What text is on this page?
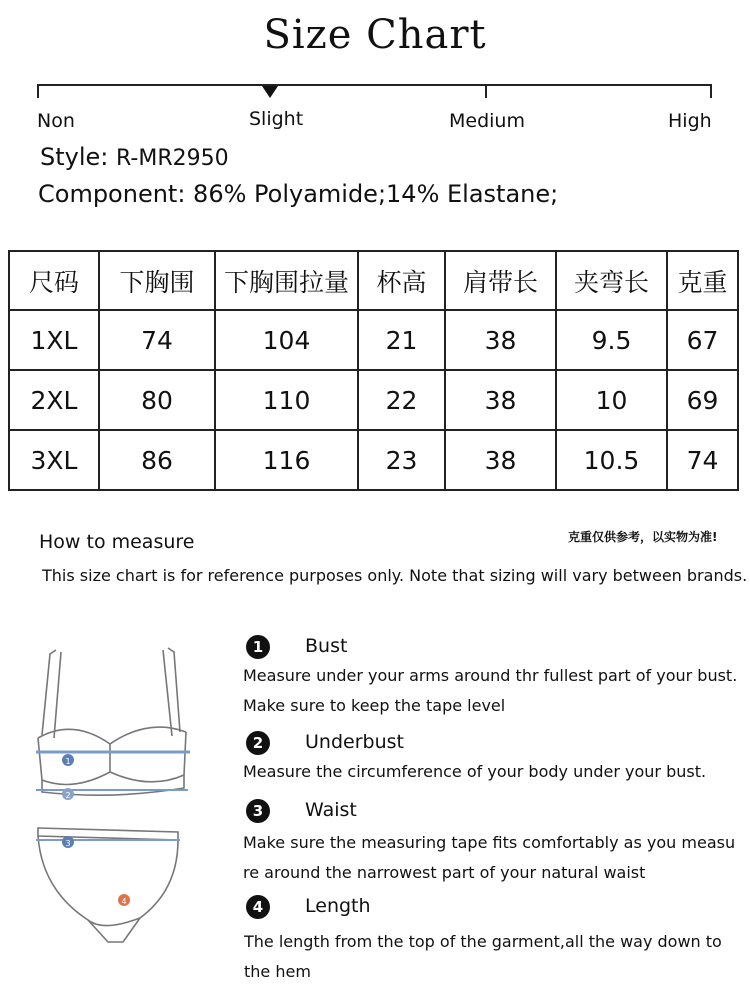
Size Chart
Non	Slight	Medium	High
Style: R-MR2950
Component: 86% Polyamide;14% Elastane;
尺码	下胸围	下胸围拉量	杯高	肩带长	夹弯长	克重
1XL	74	104	21	38	9.5	67
2XL	80	110	22	38	10	69
3XL	86	116	23	38	10.5	74
How to measure	克重仅供参考，以实物为准!
This size chart is for reference purposes only. Note that sizing will vary between brands.
1
2
3
4
1	Bust
Measure under your arms around thr fullest part of your bust.
Make sure to keep the tape level
2	Underbust
Measure the circumference of your body under your bust.
3	Waist
Make sure the measuring tape fits comfortably as you measu
re around the narrowest part of your natural waist
4	Length
The length from the top of the garment,all the way down to
the hem
